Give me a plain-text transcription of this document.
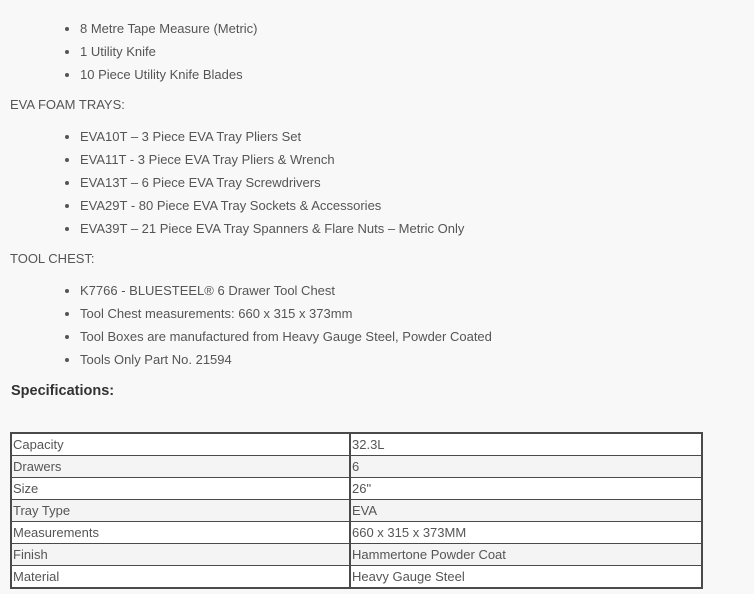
8 Metre Tape Measure (Metric)
1 Utility Knife
10 Piece Utility Knife Blades
EVA FOAM TRAYS:
EVA10T – 3 Piece EVA Tray Pliers Set
EVA11T - 3 Piece EVA Tray Pliers & Wrench
EVA13T – 6 Piece EVA Tray Screwdrivers
EVA29T - 80 Piece EVA Tray Sockets & Accessories
EVA39T – 21 Piece EVA Tray Spanners & Flare Nuts – Metric Only
TOOL CHEST:
K7766 - BLUESTEEL® 6 Drawer Tool Chest
Tool Chest measurements: 660 x 315 x 373mm
Tool Boxes are manufactured from Heavy Gauge Steel, Powder Coated
Tools Only Part No. 21594
Specifications:
Capacity	32.3L
Drawers	6
Size	26"
Tray Type	EVA
Measurements	660 x 315 x 373MM
Finish	Hammertone Powder Coat
Material	Heavy Gauge Steel
